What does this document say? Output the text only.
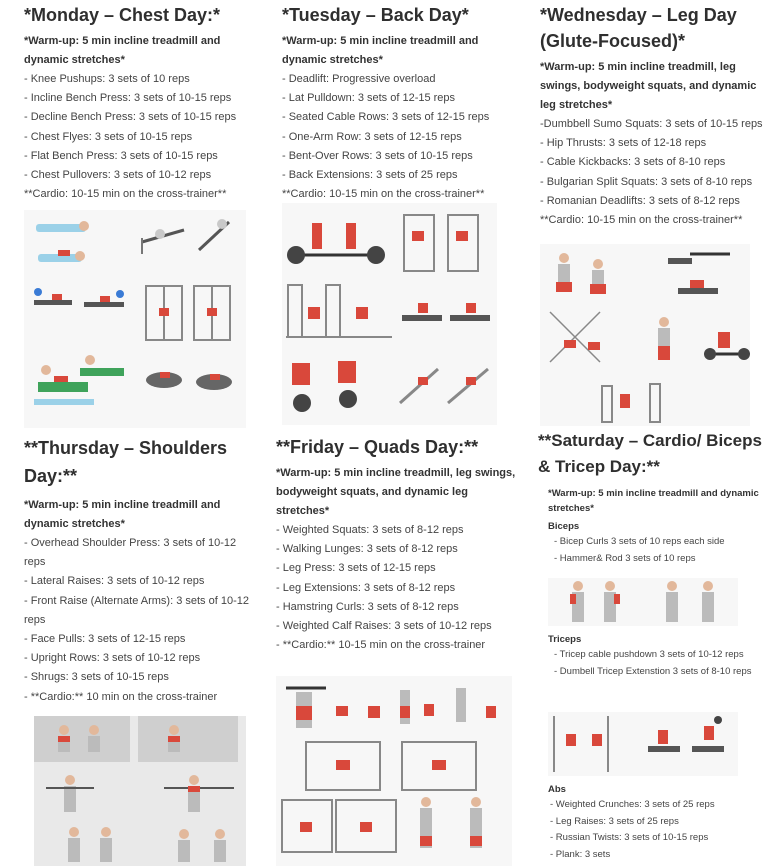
*Monday – Chest Day:*

*Warm-up: 5 min incline treadmill and dynamic stretches*

- Knee Pushups: 3 sets of 10 reps
- Incline Bench Press: 3 sets of 10-15 reps
- Decline Bench Press: 3 sets of 10-15 reps
- Chest Flyes: 3 sets of 10-15 reps
- Flat Bench Press: 3 sets of 10-15 reps
- Chest Pullovers: 3 sets of 10-12 reps
**Cardio: 10-15 min on the cross-trainer**
*Tuesday – Back Day*

*Warm-up: 5 min incline treadmill and dynamic stretches*

- Deadlift: Progressive overload
- Lat Pulldown: 3 sets of 12-15 reps
- Seated Cable Rows: 3 sets of 12-15 reps
- One-Arm Row: 3 sets of 12-15 reps
- Bent-Over Rows: 3 sets of 10-15 reps
- Back Extensions: 3 sets of 25 reps
**Cardio: 10-15 min on the cross-trainer**
*Wednesday – Leg Day (Glute-Focused)*

*Warm-up: 5 min incline treadmill, leg swings, bodyweight squats, and dynamic leg stretches*

-Dumbbell Sumo Squats: 3 sets of 10-15 reps
- Hip Thrusts: 3 sets of 12-18 reps
- Cable Kickbacks: 3 sets of 8-10 reps
- Bulgarian Split Squats: 3 sets of 8-10 reps
- Romanian Deadlifts: 3 sets of 8-12 reps
**Cardio: 10-15 min on the cross-trainer**
**Thursday – Shoulders Day:**

*Warm-up: 5 min incline treadmill and dynamic stretches*

- Overhead Shoulder Press: 3 sets of 10-12 reps
- Lateral Raises: 3 sets of 10-12 reps
- Front Raise (Alternate Arms): 3 sets of 10-12 reps
- Face Pulls: 3 sets of 12-15 reps
- Upright Rows: 3 sets of 10-12 reps
- Shrugs: 3 sets of 10-15 reps
- **Cardio:** 10 min on the cross-trainer
**Friday – Quads Day:**

*Warm-up: 5 min incline treadmill, leg swings, bodyweight squats, and dynamic leg stretches*

- Weighted Squats: 3 sets of 8-12 reps
- Walking Lunges: 3 sets of 8-12 reps
- Leg Press: 3 sets of 12-15 reps
- Leg Extensions: 3 sets of 8-12 reps
- Hamstring Curls: 3 sets of 8-12 reps
- Weighted Calf Raises: 3 sets of 10-12 reps
- **Cardio:** 10-15 min on the cross-trainer
**Saturday – Cardio/ Biceps & Tricep Day:**

*Warm-up: 5 min incline treadmill and dynamic stretches*

Biceps

- Bicep Curls 3 sets of 10 reps each side
- Hammer& Rod 3 sets of 10 reps

Triceps

- Tricep cable pushdown 3 sets of 10-12 reps
- Dumbell Tricep Extenstion 3 sets of 8-10 reps

Abs

- Weighted Crunches: 3 sets of 25 reps
- Leg Raises: 3 sets of 25 reps
- Russian Twists: 3 sets of 10-15 reps
- Plank: 3 sets
